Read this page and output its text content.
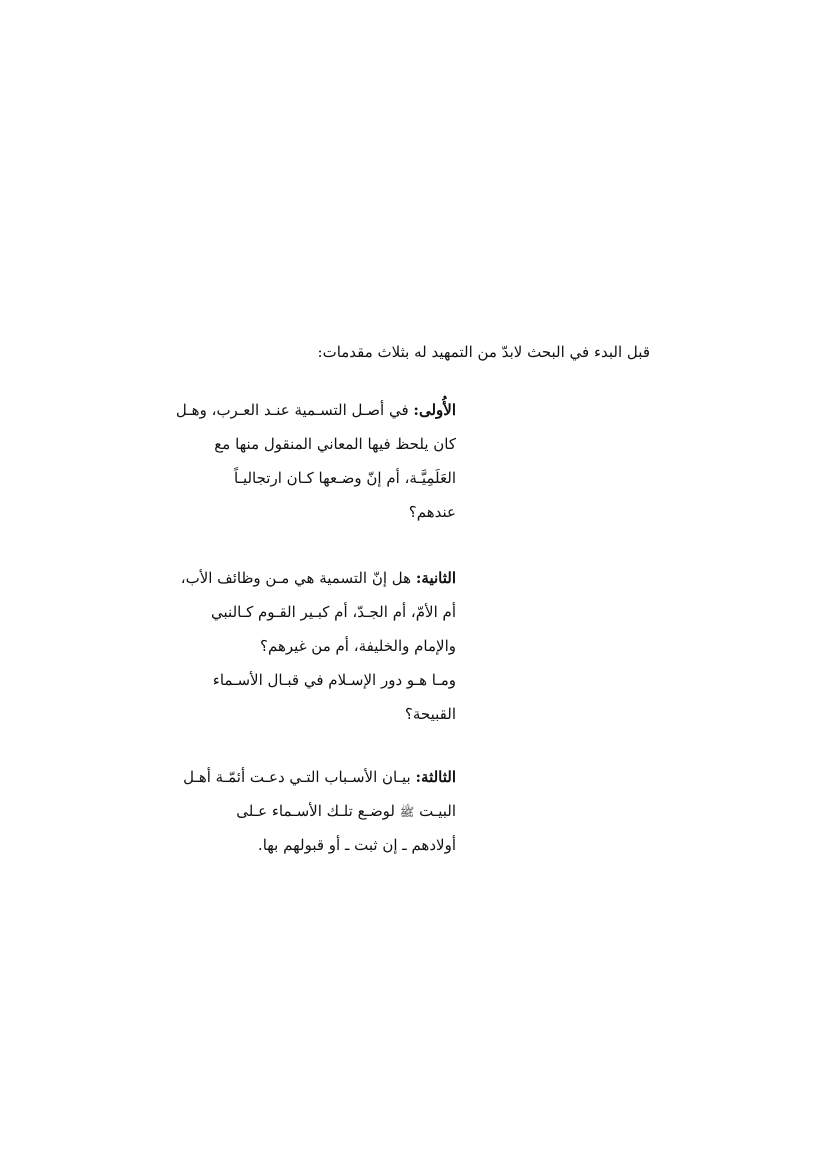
قبل البدء في البحث لابدّ من التمهيد له بثلاث مقدمات:
الأُولى: في أصـل التسـمية عنـد العـرب، وهـل
كان يلحظ فيها المعاني المنقول منها مع
العَلَمِيَّـة، أم إنّ وضـعها كـان ارتجاليـاً
عندهم؟
الثانية: هل إنّ التسمية هي مـن وظائف الأب،
أم الأمّ، أم الجـدّ، أم كبـير القـوم كـالنبي
والإمام والخليفة، أم من غيرهم؟
ومـا هـو دور الإسـلام في قبـال الأسـماء
القبيحة؟
الثالثة: بيـان الأسـباب التـي دعـت أئمّـة أهـل
البيـت ﷺ لوضـع تلـك الأسـماء عـلى
أولادهم ـ إن ثبت ـ أو قبولهم بها.
